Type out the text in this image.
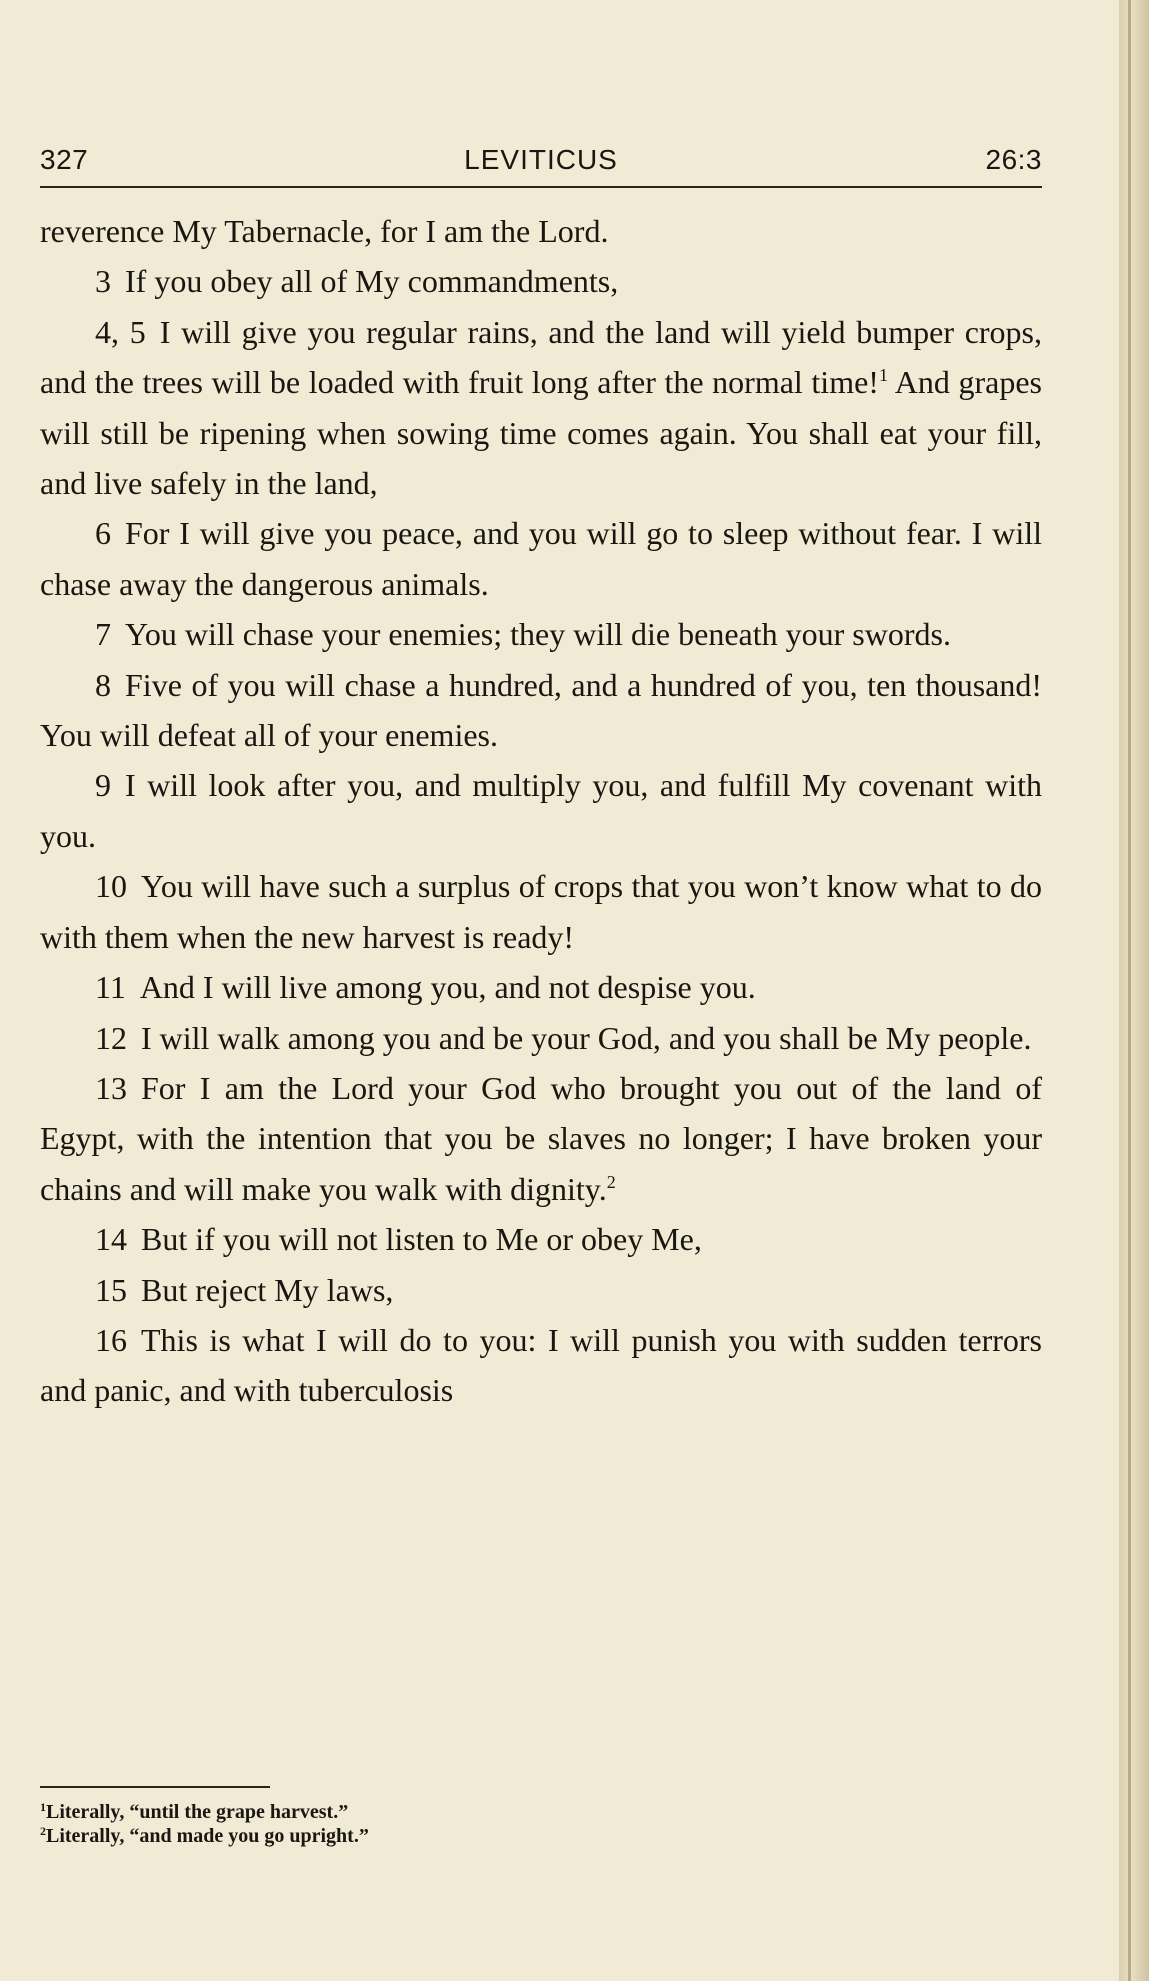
327	LEVITICUS	26:3

reverence My Tabernacle, for I am the Lord.

3 If you obey all of My commandments,

4, 5 I will give you regular rains, and the land will yield bumper crops, and the trees will be loaded with fruit long after the normal time!$^1$ And grapes will still be ripening when sowing time comes again. You shall eat your fill, and live safely in the land,

6 For I will give you peace, and you will go to sleep without fear. I will chase away the dangerous animals.

7 You will chase your enemies; they will die beneath your swords.

8 Five of you will chase a hundred, and a hundred of you, ten thousand! You will defeat all of your enemies.

9 I will look after you, and multiply you, and fulfill My covenant with you.

10 You will have such a surplus of crops that you won’t know what to do with them when the new harvest is ready!

11 And I will live among you, and not despise you.

12 I will walk among you and be your God, and you shall be My people.

13 For I am the Lord your God who brought you out of the land of Egypt, with the intention that you be slaves no longer; I have broken your chains and will make you walk with dignity.$^2$

14 But if you will not listen to Me or obey Me,

15 But reject My laws,

16 This is what I will do to you: I will punish you with sudden terrors and panic, and with tuberculosis

$^1$Literally, “until the grape harvest.”
$^2$Literally, “and made you go upright.”
